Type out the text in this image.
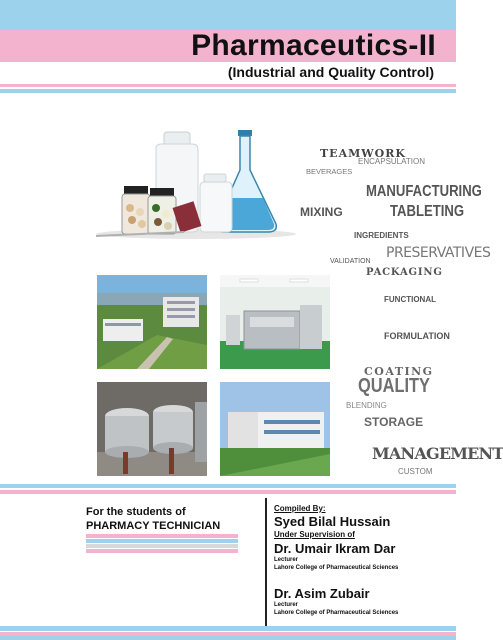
Pharmaceutics-II
(Industrial and Quality Control)
TEAMWORK
ENCAPSULATION
BEVERAGES
MANUFACTURING
MIXING	TABLETING
INGREDIENTS
PRESERVATIVES
VALIDATION
PACKAGING
FUNCTIONAL
FORMULATION
COATING
QUALITY
BLENDING
STORAGE
MANAGEMENT
CUSTOM
For the students of
PHARMACY TECHNICIAN
Compiled By:
Syed Bilal Hussain
Under Supervision of
Dr. Umair Ikram Dar
Lecturer
Lahore College of Pharmaceutical Sciences
Dr. Asim Zubair
Lecturer
Lahore College of Pharmaceutical Sciences
